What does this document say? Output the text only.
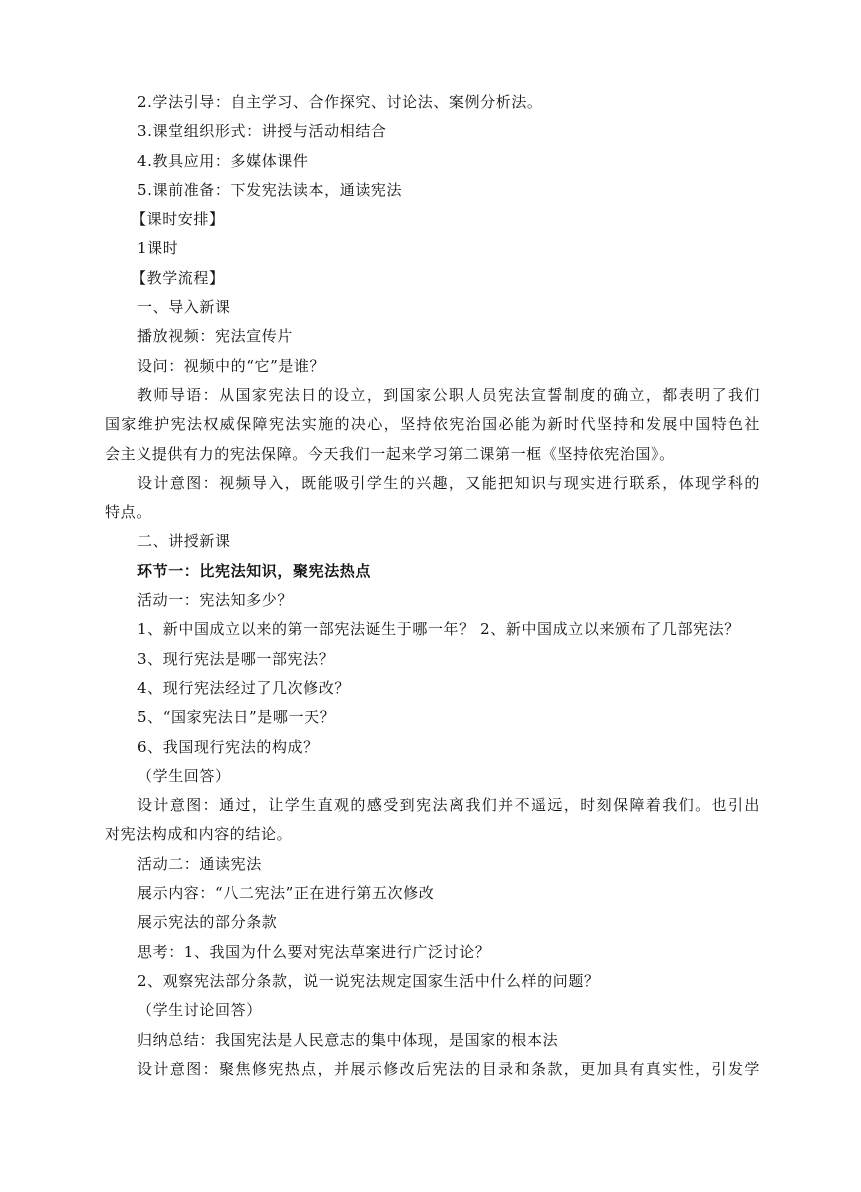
2.学法引导：自主学习、合作探究、讨论法、案例分析法。
3.课堂组织形式：讲授与活动相结合
4.教具应用：多媒体课件
5.课前准备：下发宪法读本，通读宪法
【课时安排】
1课时
【教学流程】
一、导入新课
播放视频：宪法宣传片
设问：视频中的“它”是谁？
教师导语：从国家宪法日的设立，到国家公职人员宪法宣誓制度的确立，都表明了我们
国家维护宪法权威保障宪法实施的决心，坚持依宪治国必能为新时代坚持和发展中国特色社
会主义提供有力的宪法保障。今天我们一起来学习第二课第一框《坚持依宪治国》。
设计意图：视频导入，既能吸引学生的兴趣，又能把知识与现实进行联系，体现学科的
特点。
二、讲授新课
环节一：比宪法知识，聚宪法热点
活动一：宪法知多少？
1、新中国成立以来的第一部宪法诞生于哪一年？ 2、新中国成立以来颁布了几部宪法？
3、现行宪法是哪一部宪法？
4、现行宪法经过了几次修改？
5、“国家宪法日”是哪一天？
6、我国现行宪法的构成？
（学生回答）
设计意图：通过，让学生直观的感受到宪法离我们并不遥远，时刻保障着我们。也引出
对宪法构成和内容的结论。
活动二：通读宪法
展示内容：“八二宪法”正在进行第五次修改
展示宪法的部分条款
思考：1、我国为什么要对宪法草案进行广泛讨论？
2、观察宪法部分条款，说一说宪法规定国家生活中什么样的问题？
（学生讨论回答）
归纳总结：我国宪法是人民意志的集中体现，是国家的根本法
设计意图：聚焦修宪热点，并展示修改后宪法的目录和条款，更加具有真实性，引发学
